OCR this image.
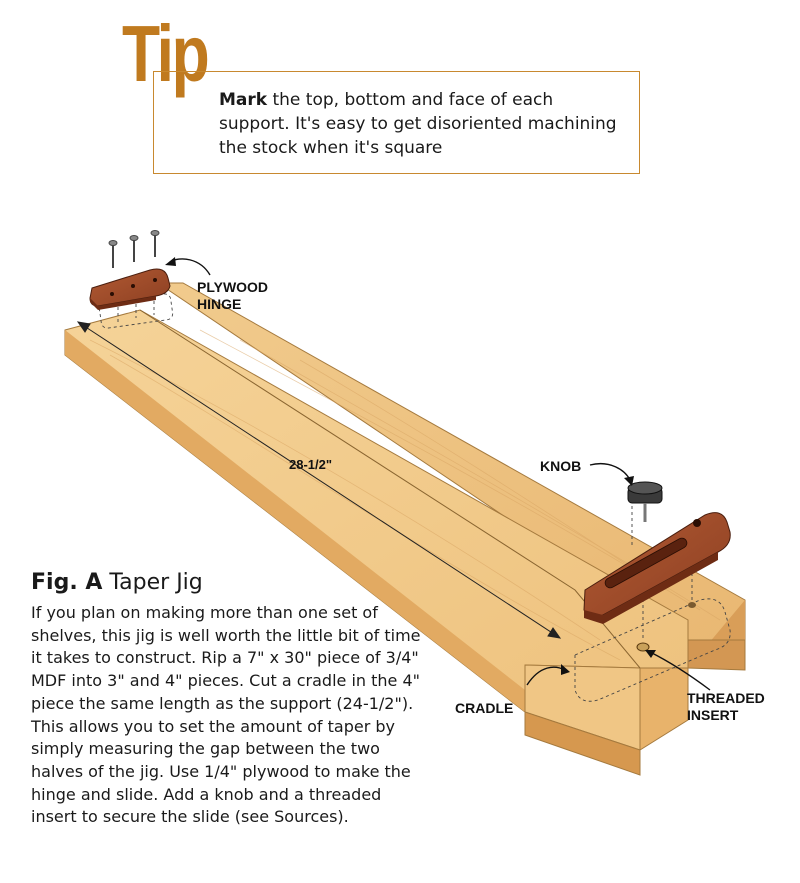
Tip
Mark the top, bottom and face of each support. It's easy to get disoriented machining the stock when it's square
PLYWOOD
HINGE
KNOB
28-1/2"
CRADLE
THREADED
INSERT
Fig. A Taper Jig
If you plan on making more than one set of shelves, this jig is well worth the little bit of time it takes to construct. Rip a 7" x 30" piece of 3/4" MDF into 3" and 4" pieces. Cut a cradle in the 4" piece the same length as the support (24-1/2"). This allows you to set the amount of taper by simply measuring the gap between the two halves of the jig. Use 1/4" plywood to make the hinge and slide. Add a knob and a threaded insert to secure the slide (see Sources).
